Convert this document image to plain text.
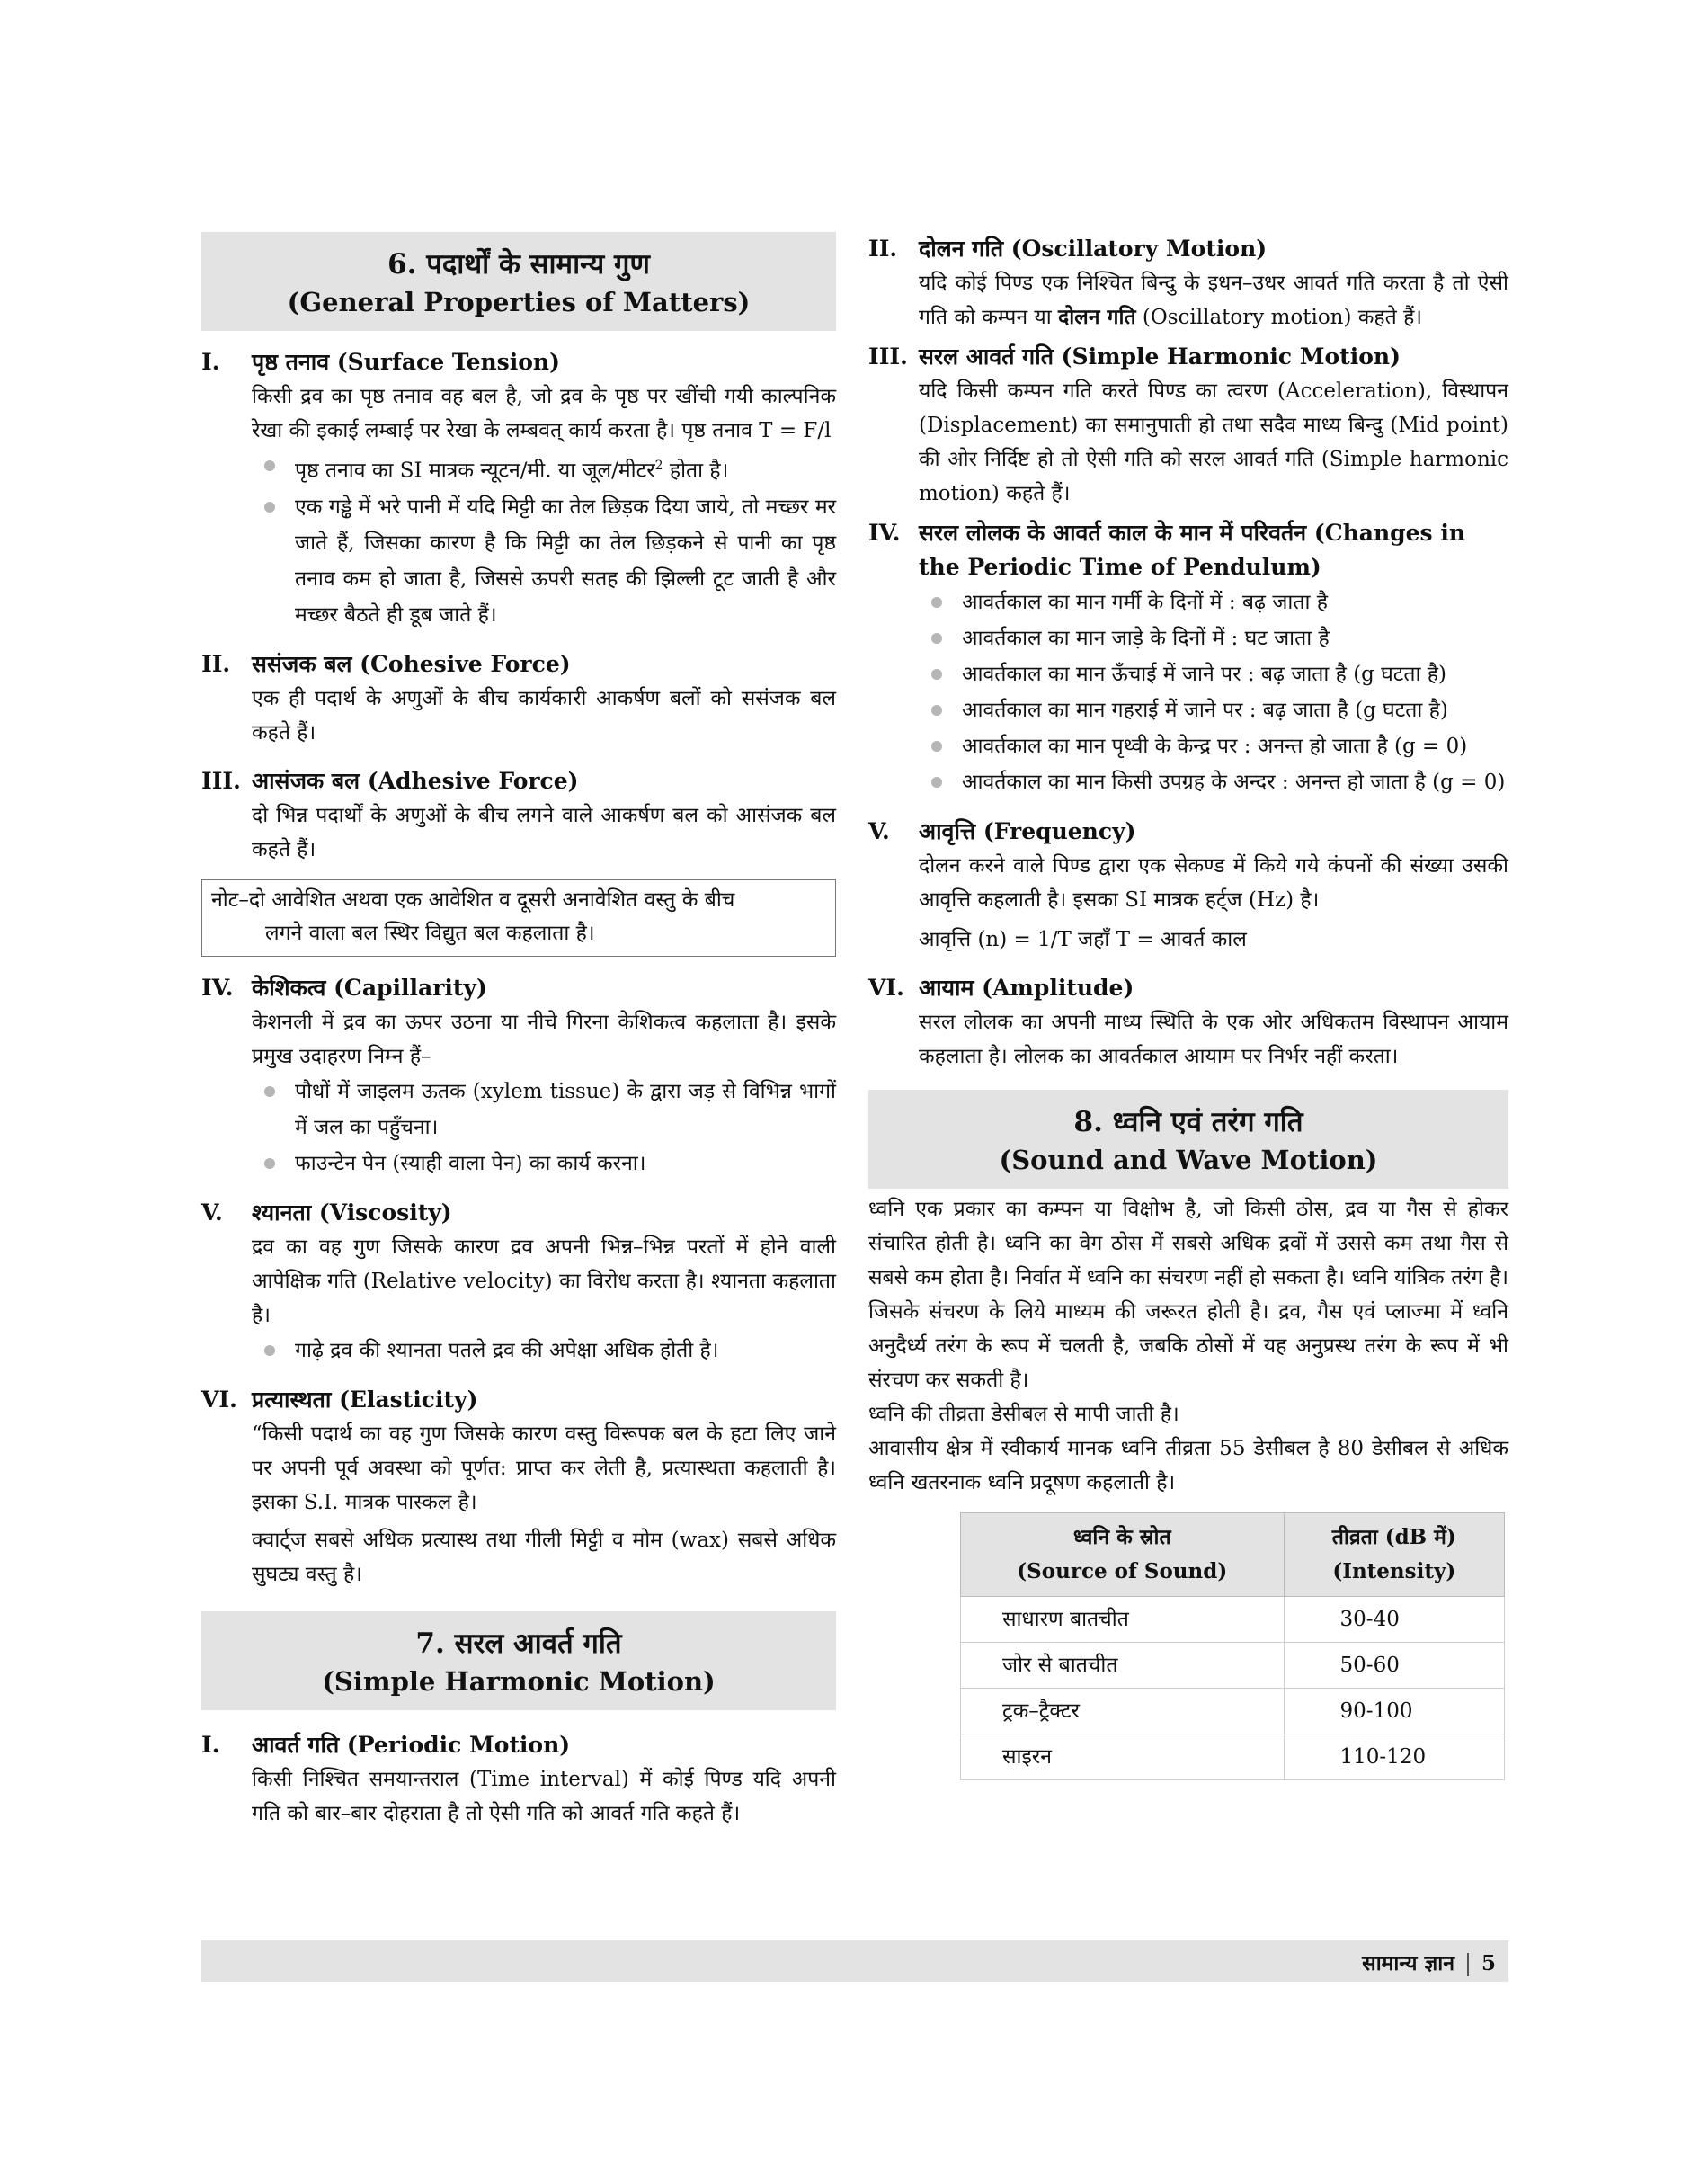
6. पदार्थों के सामान्य गुण
(General Properties of Matters)
I. पृष्ठ तनाव (Surface Tension)

किसी द्रव का पृष्ठ तनाव वह बल है, जो द्रव के पृष्ठ पर खींची गयी काल्पनिक रेखा की इकाई लम्बाई पर रेखा के लम्बवत् कार्य करता है। पृष्ठ तनाव T = F/l

पृष्ठ तनाव का SI मात्रक न्यूटन/मी. या जूल/मीटर$^2$ होता है।
एक गड्ढे में भरे पानी में यदि मिट्टी का तेल छिड़क दिया जाये, तो मच्छर मर जाते हैं, जिसका कारण है कि मिट्टी का तेल छिड़कने से पानी का पृष्ठ तनाव कम हो जाता है, जिससे ऊपरी सतह की झिल्ली टूट जाती है और मच्छर बैठते ही डूब जाते हैं।
II. ससंजक बल (Cohesive Force)

एक ही पदार्थ के अणुओं के बीच कार्यकारी आकर्षण बलों को ससंजक बल कहते हैं।

III. आसंजक बल (Adhesive Force)

दो भिन्न पदार्थों के अणुओं के बीच लगने वाले आकर्षण बल को आसंजक बल कहते हैं।

नोट–दो आवेशित अथवा एक आवेशित व दूसरी अनावेशित वस्तु के बीच

लगने वाला बल स्थिर विद्युत बल कहलाता है।

IV. केशिकत्व (Capillarity)

केशनली में द्रव का ऊपर उठना या नीचे गिरना केशिकत्व कहलाता है। इसके प्रमुख उदाहरण निम्न हैं–

पौधों में जाइलम ऊतक (xylem tissue) के द्वारा जड़ से विभिन्न भागों में जल का पहुँचना।
फाउन्टेन पेन (स्याही वाला पेन) का कार्य करना।
V. श्यानता (Viscosity)

द्रव का वह गुण जिसके कारण द्रव अपनी भिन्न–भिन्न परतों में होने वाली आपेक्षिक गति (Relative velocity) का विरोध करता है। श्यानता कहलाता है।

गाढ़े द्रव की श्यानता पतले द्रव की अपेक्षा अधिक होती है।
VI. प्रत्यास्थता (Elasticity)

“किसी पदार्थ का वह गुण जिसके कारण वस्तु विरूपक बल के हटा लिए जाने पर अपनी पूर्व अवस्था को पूर्णत: प्राप्त कर लेती है, प्रत्यास्थता कहलाती है। इसका S.I. मात्रक पास्कल है।

क्वार्ट्ज सबसे अधिक प्रत्यास्थ तथा गीली मिट्टी व मोम (wax) सबसे अधिक सुघट्य वस्तु है।

7. सरल आवर्त गति
(Simple Harmonic Motion)
I. आवर्त गति (Periodic Motion)

किसी निश्चित समयान्तराल (Time interval) में कोई पिण्ड यदि अपनी गति को बार–बार दोहराता है तो ऐसी गति को आवर्त गति कहते हैं।

II. दोलन गति (Oscillatory Motion)

यदि कोई पिण्ड एक निश्चित बिन्दु के इधन–उधर आवर्त गति करता है तो ऐसी गति को कम्पन या दोलन गति (Oscillatory motion) कहते हैं।

III. सरल आवर्त गति (Simple Harmonic Motion)

यदि किसी कम्पन गति करते पिण्ड का त्वरण (Acceleration), विस्थापन (Displacement) का समानुपाती हो तथा सदैव माध्य बिन्दु (Mid point) की ओर निर्दिष्ट हो तो ऐसी गति को सरल आवर्त गति (Simple harmonic motion) कहते हैं।

IV. सरल लोलक के आवर्त काल के मान में परिवर्तन (Changes in the Periodic Time of Pendulum)
आवर्तकाल का मान गर्मी के दिनों में : बढ़ जाता है
आवर्तकाल का मान जाड़े के दिनों में : घट जाता है
आवर्तकाल का मान ऊँचाई में जाने पर : बढ़ जाता है (g घटता है)
आवर्तकाल का मान गहराई में जाने पर : बढ़ जाता है (g घटता है)
आवर्तकाल का मान पृथ्वी के केन्द्र पर : अनन्त हो जाता है (g = 0)
आवर्तकाल का मान किसी उपग्रह के अन्दर : अनन्त हो जाता है (g = 0)
V. आवृत्ति (Frequency)

दोलन करने वाले पिण्ड द्वारा एक सेकण्ड में किये गये कंपनों की संख्या उसकी आवृत्ति कहलाती है। इसका SI मात्रक हर्ट्ज (Hz) है।

आवृत्ति (n) = 1/T जहाँ T = आवर्त काल

VI. आयाम (Amplitude)

सरल लोलक का अपनी माध्य स्थिति के एक ओर अधिकतम विस्थापन आयाम कहलाता है। लोलक का आवर्तकाल आयाम पर निर्भर नहीं करता।

8. ध्वनि एवं तरंग गति
(Sound and Wave Motion)

ध्वनि एक प्रकार का कम्पन या विक्षोभ है, जो किसी ठोस, द्रव या गैस से होकर संचारित होती है। ध्वनि का वेग ठोस में सबसे अधिक द्रवों में उससे कम तथा गैस से सबसे कम होता है। निर्वात में ध्वनि का संचरण नहीं हो सकता है। ध्वनि यांत्रिक तरंग है। जिसके संचरण के लिये माध्यम की जरूरत होती है। द्रव, गैस एवं प्लाज्मा में ध्वनि अनुदैर्ध्य तरंग के रूप में चलती है, जबकि ठोसों में यह अनुप्रस्थ तरंग के रूप में भी संरचण कर सकती है।

ध्वनि की तीव्रता डेसीबल से मापी जाती है।

आवासीय क्षेत्र में स्वीकार्य मानक ध्वनि तीव्रता 55 डेसीबल है 80 डेसीबल से अधिक ध्वनि खतरनाक ध्वनि प्रदूषण कहलाती है।

ध्वनि के स्रोत
(Source of Sound)	तीव्रता (dB में)
(Intensity)
साधारण बातचीत	30-40
जोर से बातचीत	50-60
ट्रक–ट्रैक्टर	90-100
साइरन	110-120
सामान्य ज्ञान 5
